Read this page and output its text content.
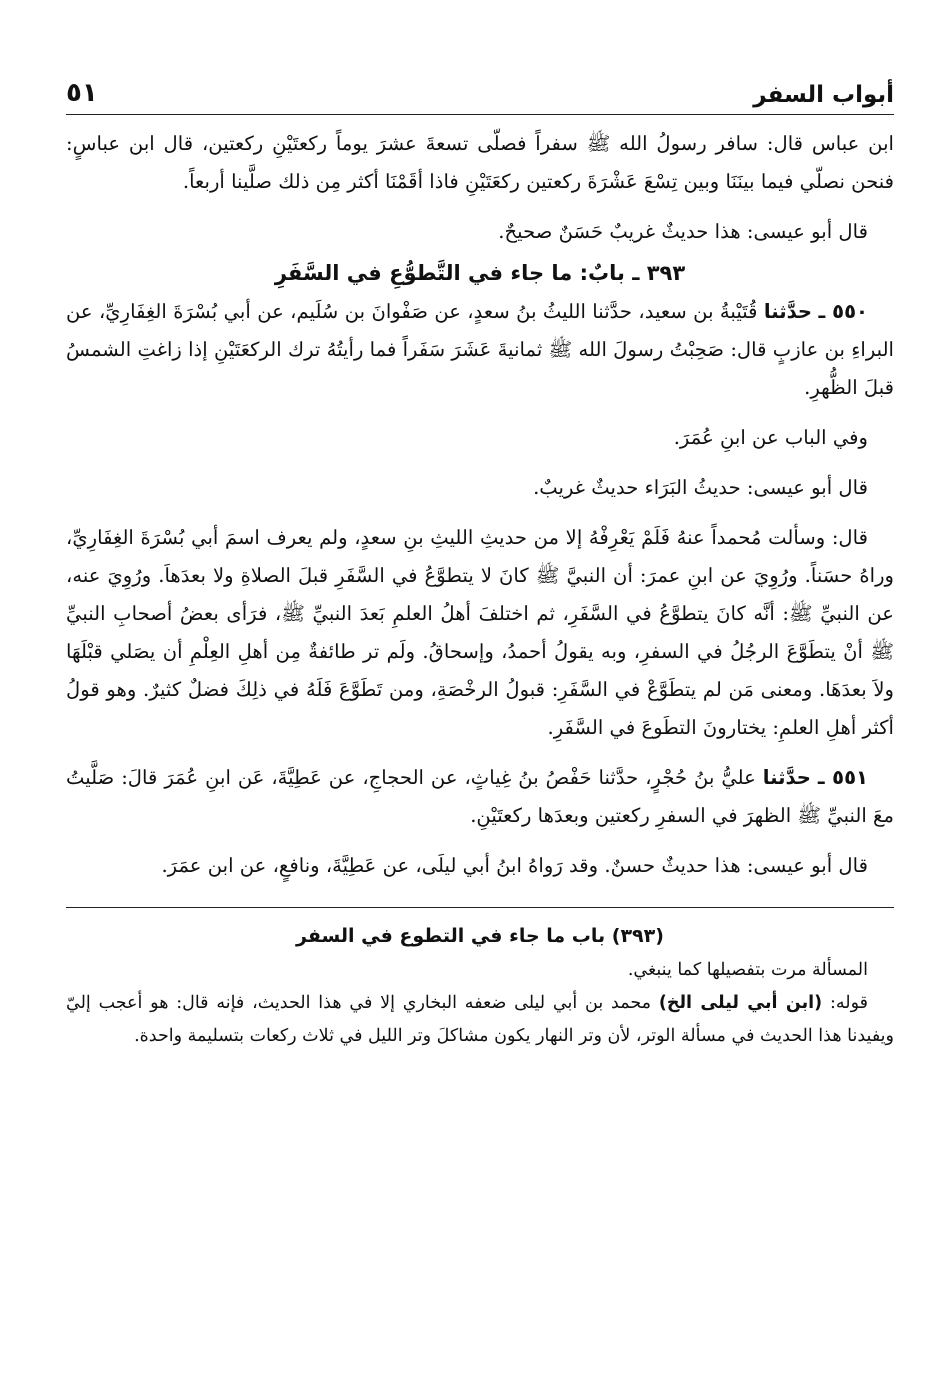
أبواب السفر
٥١

ابن عباس قال: سافر رسولُ الله ﷺ سفراً فصلّى تسعةَ عشرَ يوماً ركعتَيْنِ ركعتين، قال ابن عباسٍ: فنحن نصلّي فيما بينَنَا وبين تِسْعَ عَشْرَةَ ركعتين ركعَتَيْنِ فاذا أقَمْنَا أكثر مِن ذلك صلَّينا أربعاً.

قال أبو عيسى: هذا حديثٌ غريبٌ حَسَنٌ صحيحٌ.

٣٩٣ ـ بابٌ: ما جاء في التَّطوُّعِ في السَّفَرِ

٥٥٠ ـ حدَّثنا قُتَيْبةُ بن سعيد، حدَّثنا الليثُ بنُ سعدٍ، عن صَفْوانَ بن سُلَيم، عن أبي بُسْرَةَ الغِفَارِيِّ، عن البراءِ بن عازبٍ قال: صَحِبْتُ رسولَ الله ﷺ ثمانيةَ عَشَرَ سَفَراً فما رأيتُهُ ترك الركعَتَيْنِ إذا زاغتِ الشمسُ قبلَ الظُّهرِ.

وفي الباب عن ابنِ عُمَرَ.

قال أبو عيسى: حديثُ البَرَاء حديثٌ غريبٌ.

قال: وسألت مُحمداً عنهُ فَلَمْ يَعْرِفْهُ إلا من حديثِ الليثِ بنِ سعدٍ، ولم يعرف اسمَ أبي بُسْرَةَ الغِفَارِيِّ، وراهُ حسَناً. ورُوِيَ عن ابنِ عمرَ: أن النبيَّ ﷺ كانَ لا يتطوَّعُ في السَّفَرِ قبلَ الصلاةِ ولا بعدَهاَ. ورُوِيَ عنه، عن النبيِّ ﷺ: أنَّه كانَ يتطوَّعُ في السَّفَرِ، ثم اختلفَ أهلُ العلمِ بَعدَ النبيِّ ﷺ، فرَأى بعضُ أصحابِ النبيِّ ﷺ أنْ يتطَوَّعَ الرجُلُ في السفرِ، وبه يقولُ أحمدُ، وإسحاقُ. ولَم تر طائفةٌ مِن أهلِ العِلْمِ أن يصَلي قبْلَهَا ولاَ بعدَهَا. ومعنى مَن لم يتطَوَّعْ في السَّفَرِ: قبولُ الرخْصَةِ، ومن تَطَوَّعَ فَلَهُ في ذلِكَ فضلٌ كثيرٌ. وهو قولُ أكثر أهلِ العلمِ: يختارونَ التطَوعَ في السَّفَرِ.

٥٥١ ـ حدَّثنا عليُّ بنُ حُجْرٍ، حدَّثنا حَفْصُ بنُ غِياثٍ، عن الحجاجِ، عن عَطِيَّةَ، عَن ابنِ عُمَرَ قالَ: صَلَّيتُ معَ النبيِّ ﷺ الظهرَ في السفرِ ركعتين وبعدَها ركعتَيْنِ.

قال أبو عيسى: هذا حديثٌ حسنٌ. وقد رَواهُ ابنُ أبي ليلَى، عن عَطِيَّةَ، ونافعٍ، عن ابن عمَرَ.

(٣٩٣) باب ما جاء في التطوع في السفر

المسألة مرت بتفصيلها كما ينبغي.

قوله: (ابن أبي ليلى الخ) محمد بن أبي ليلى ضعفه البخاري إلا في هذا الحديث، فإنه قال: هو أعجب إليّ ويفيدنا هذا الحديث في مسألة الوتر، لأن وتر النهار يكون مشاكلَ وتر الليل في ثلاث ركعات بتسليمة واحدة.
